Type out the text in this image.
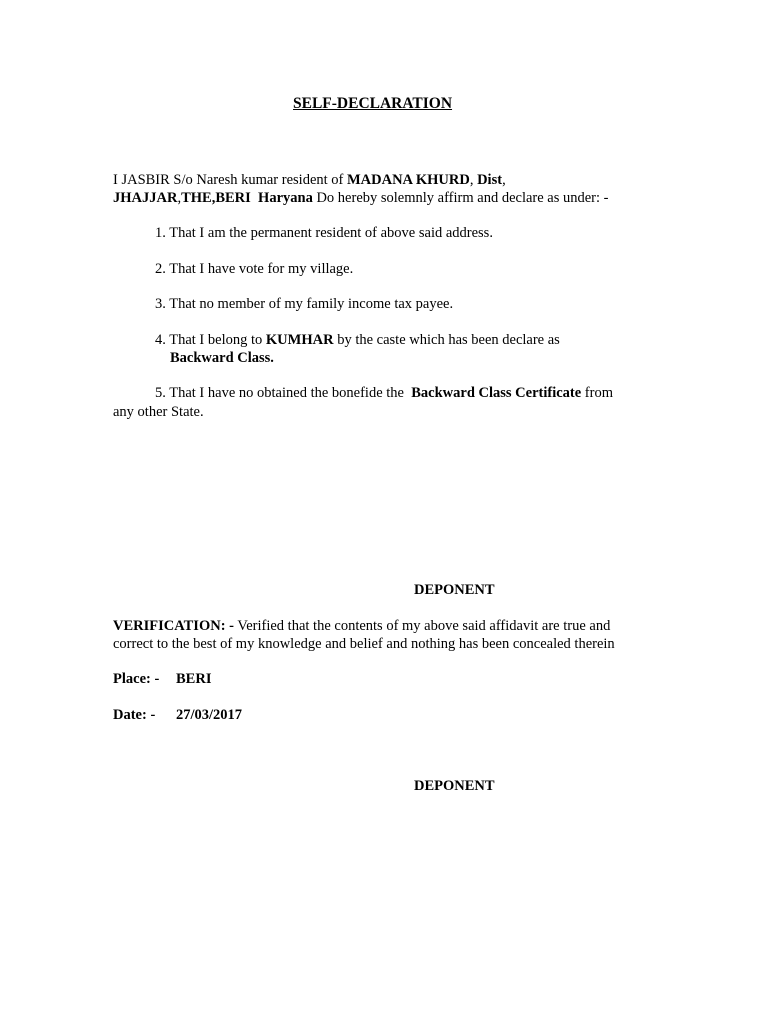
SELF-DECLARATION
I JASBIR S/o Naresh kumar resident of MADANA KHURD, Dist,
JHAJJAR,THE,BERI Haryana Do hereby solemnly affirm and declare as under: -
1. That I am the permanent resident of above said address.
2. That I have vote for my village.
3. That no member of my family income tax payee.
4. That I belong to KUMHAR by the caste which has been declare as
Backward Class.
5. That I have no obtained the bonefide the  Backward Class Certificate from
any other State.
DEPONENT
VERIFICATION: - Verified that the contents of my above said affidavit are true and
correct to the best of my knowledge and belief and nothing has been concealed therein
Place: - BERI
Date: - 27/03/2017
DEPONENT
